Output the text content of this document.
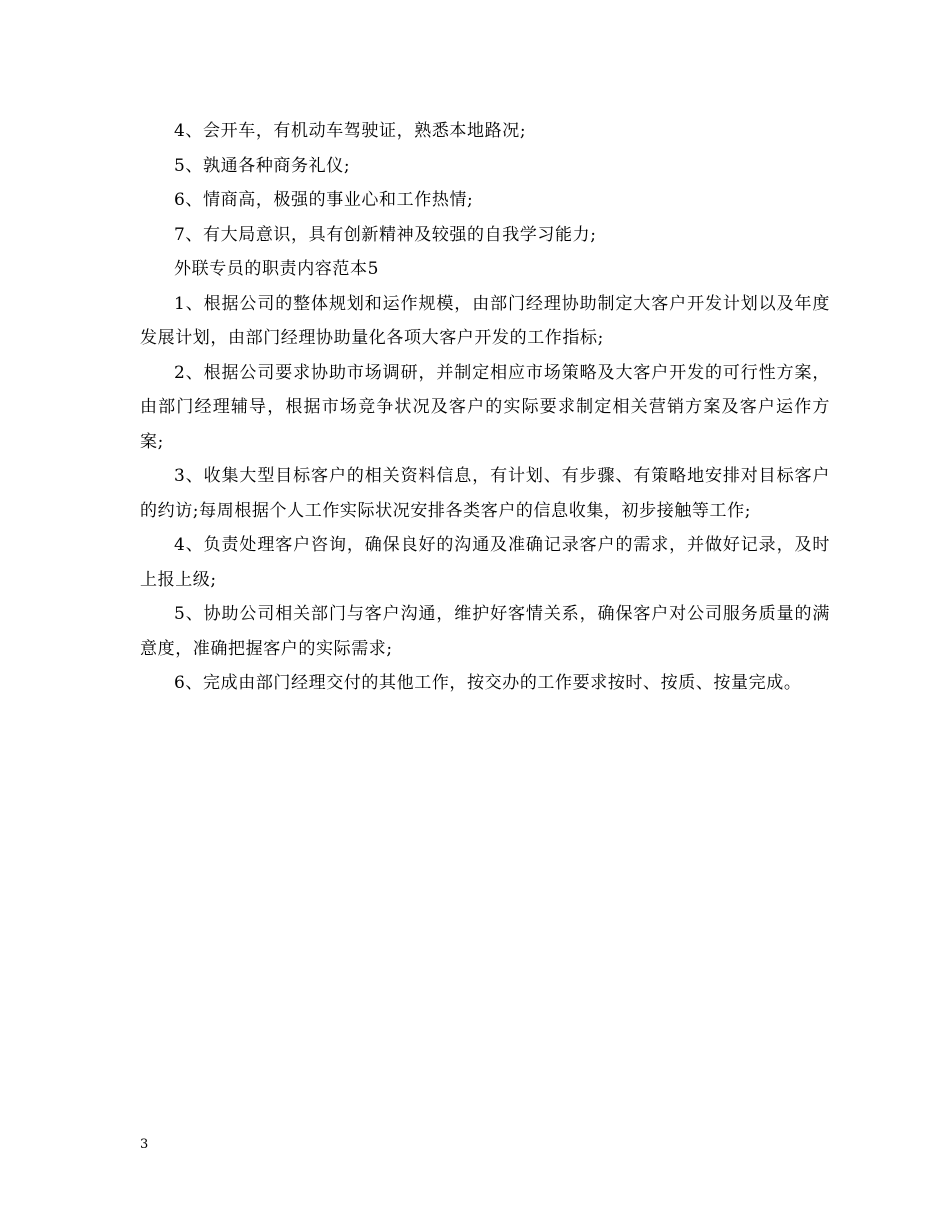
4、会开车，有机动车驾驶证，熟悉本地路况;

5、孰通各种商务礼仪;

6、情商高，极强的事业心和工作热情;

7、有大局意识，具有创新精神及较强的自我学习能力;

外联专员的职责内容范本5

1、根据公司的整体规划和运作规模，由部门经理协助制定大客户开发计划以及年度发展计划，由部门经理协助量化各项大客户开发的工作指标;

2、根据公司要求协助市场调研，并制定相应市场策略及大客户开发的可行性方案，由部门经理辅导，根据市场竞争状况及客户的实际要求制定相关营销方案及客户运作方案;

3、收集大型目标客户的相关资料信息，有计划、有步骤、有策略地安排对目标客户的约访;每周根据个人工作实际状况安排各类客户的信息收集，初步接触等工作;

4、负责处理客户咨询，确保良好的沟通及准确记录客户的需求，并做好记录，及时上报上级;

5、协助公司相关部门与客户沟通，维护好客情关系，确保客户对公司服务质量的满意度，准确把握客户的实际需求;

6、完成由部门经理交付的其他工作，按交办的工作要求按时、按质、按量完成。

3
